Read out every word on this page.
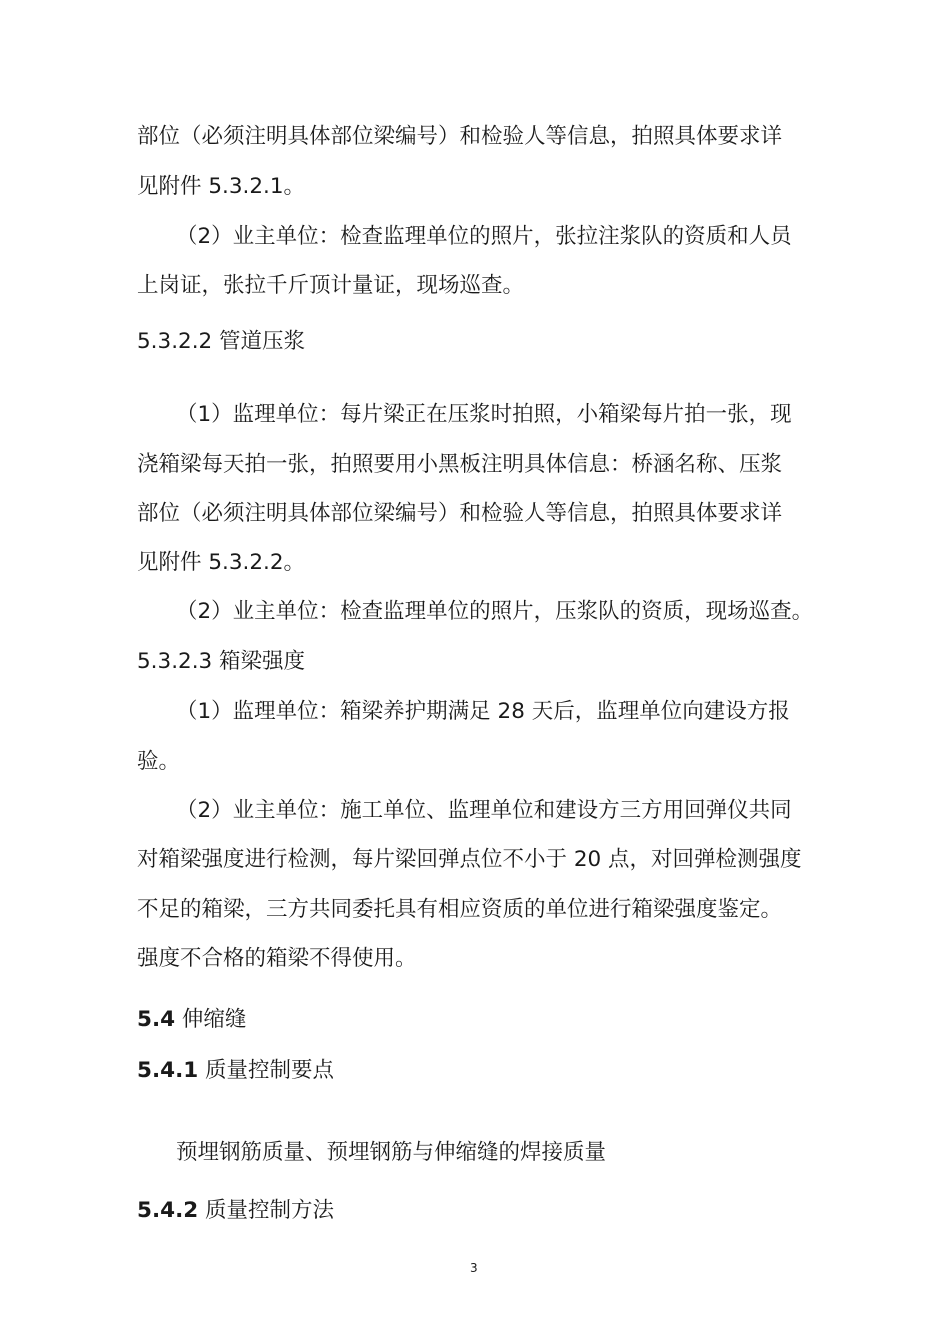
部位（必须注明具体部位梁编号）和检验人等信息，拍照具体要求详
见附件 5.3.2.1。
（2）业主单位：检查监理单位的照片，张拉注浆队的资质和人员
上岗证，张拉千斤顶计量证，现场巡查。
5.3.2.2 管道压浆
（1）监理单位：每片梁正在压浆时拍照，小箱梁每片拍一张，现
浇箱梁每天拍一张，拍照要用小黑板注明具体信息：桥涵名称、压浆
部位（必须注明具体部位梁编号）和检验人等信息，拍照具体要求详
见附件 5.3.2.2。
（2）业主单位：检查监理单位的照片，压浆队的资质，现场巡查。
5.3.2.3 箱梁强度
（1）监理单位：箱梁养护期满足 28 天后，监理单位向建设方报
验。
（2）业主单位：施工单位、监理单位和建设方三方用回弹仪共同
对箱梁强度进行检测，每片梁回弹点位不小于 20 点，对回弹检测强度
不足的箱梁，三方共同委托具有相应资质的单位进行箱梁强度鉴定。
强度不合格的箱梁不得使用。
5.4 伸缩缝
5.4.1 质量控制要点
预埋钢筋质量、预埋钢筋与伸缩缝的焊接质量
5.4.2 质量控制方法
3
